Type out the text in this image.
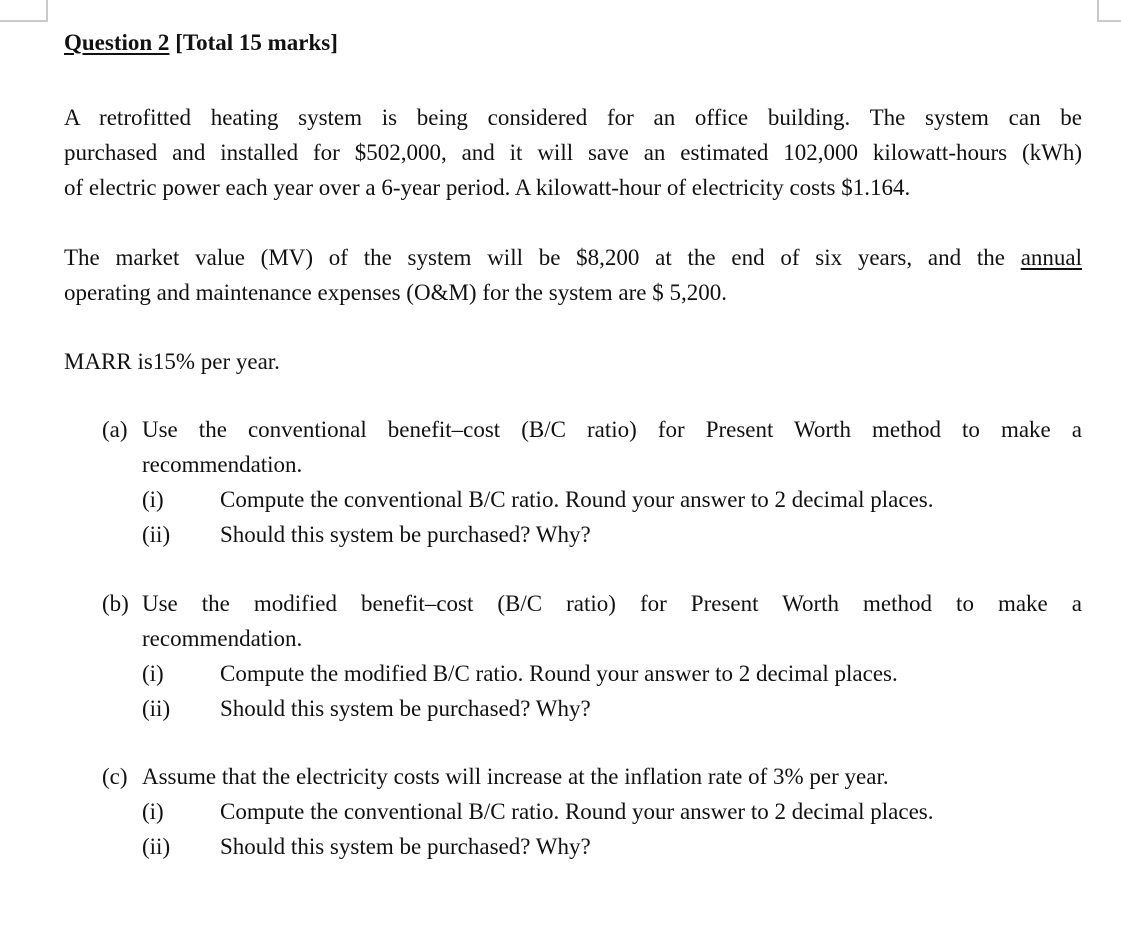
Question 2 [Total 15 marks]
A retrofitted heating system is being considered for an office building. The system can be
purchased and installed for $502,000, and it will save an estimated 102,000 kilowatt-hours (kWh)
of electric power each year over a 6-year period. A kilowatt-hour of electricity costs $1.164.
The market value (MV) of the system will be $8,200 at the end of six years, and the annual
operating and maintenance expenses (O&M) for the system are $ 5,200.
MARR is15% per year.
(a) Use the conventional benefit–cost (B/C ratio) for Present Worth method to make a
recommendation.
(i)	Compute the conventional B/C ratio. Round your answer to 2 decimal places.
(ii)	Should this system be purchased? Why?
(b) Use the modified benefit–cost (B/C ratio) for Present Worth method to make a
recommendation.
(i)	Compute the modified B/C ratio. Round your answer to 2 decimal places.
(ii)	Should this system be purchased? Why?
(c) Assume that the electricity costs will increase at the inflation rate of 3% per year.
(i)	Compute the conventional B/C ratio. Round your answer to 2 decimal places.
(ii)	Should this system be purchased? Why?
